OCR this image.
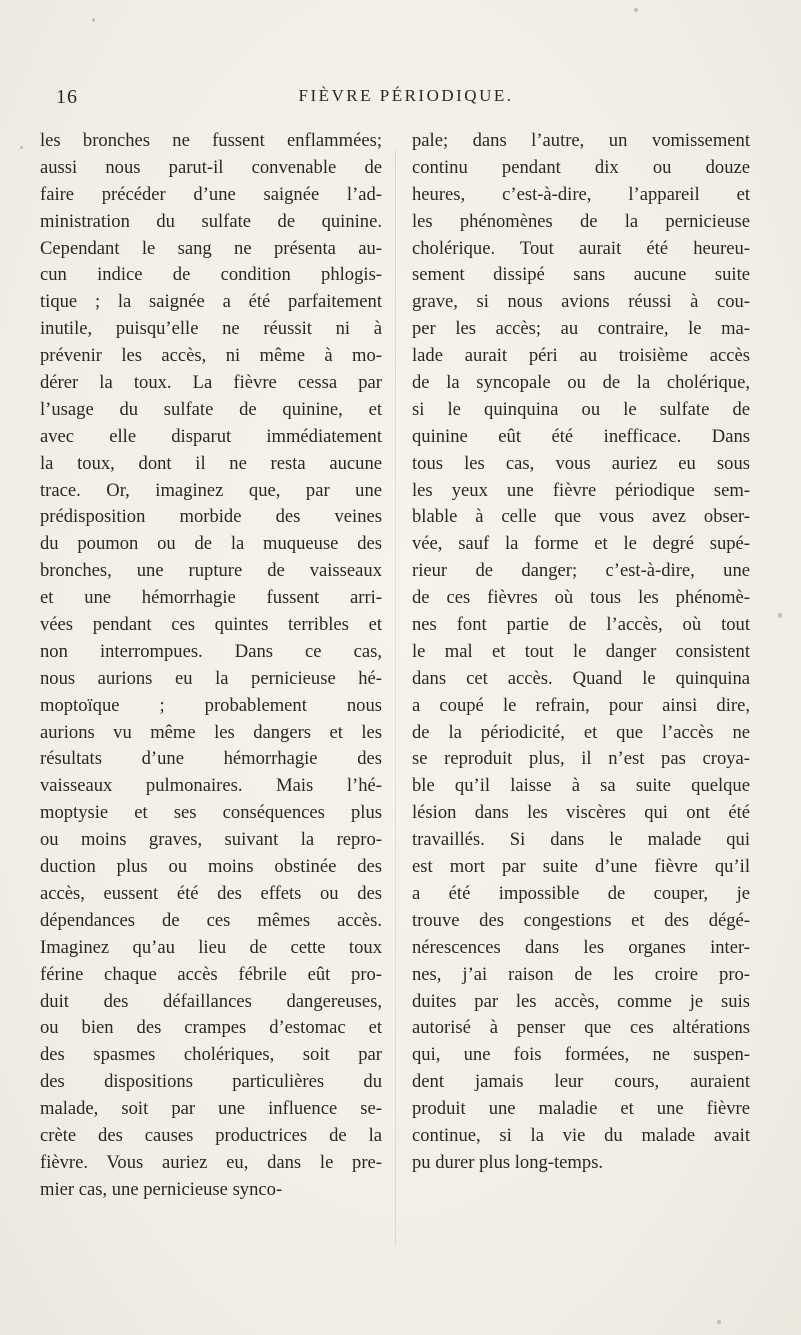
16	FIÈVRE PÉRIODIQUE.
les bronches ne fussent enflammées;
aussi nous parut-il convenable de
faire précéder d’une saignée l’ad-
ministration du sulfate de quinine.
Cependant le sang ne présenta au-
cun indice de condition phlogis-
tique ; la saignée a été parfaitement
inutile, puisqu’elle ne réussit ni à
prévenir les accès, ni même à mo-
dérer la toux. La fièvre cessa par
l’usage du sulfate de quinine, et
avec elle disparut immédiatement
la toux, dont il ne resta aucune
trace. Or, imaginez que, par une
prédisposition morbide des veines
du poumon ou de la muqueuse des
bronches, une rupture de vaisseaux
et une hémorrhagie fussent arri-
vées pendant ces quintes terribles et
non interrompues. Dans ce cas,
nous aurions eu la pernicieuse hé-
moptoïque ; probablement nous
aurions vu même les dangers et les
résultats d’une hémorrhagie des
vaisseaux pulmonaires. Mais l’hé-
moptysie et ses conséquences plus
ou moins graves, suivant la repro-
duction plus ou moins obstinée des
accès, eussent été des effets ou des
dépendances de ces mêmes accès.
Imaginez qu’au lieu de cette toux
férine chaque accès fébrile eût pro-
duit des défaillances dangereuses,
ou bien des crampes d’estomac et
des spasmes cholériques, soit par
des dispositions particulières du
malade, soit par une influence se-
crète des causes productrices de la
fièvre. Vous auriez eu, dans le pre-
mier cas, une pernicieuse synco-
pale; dans l’autre, un vomissement
continu pendant dix ou douze
heures, c’est-à-dire, l’appareil et
les phénomènes de la pernicieuse
cholérique. Tout aurait été heureu-
sement dissipé sans aucune suite
grave, si nous avions réussi à cou-
per les accès; au contraire, le ma-
lade aurait péri au troisième accès
de la syncopale ou de la cholérique,
si le quinquina ou le sulfate de
quinine eût été inefficace. Dans
tous les cas, vous auriez eu sous
les yeux une fièvre périodique sem-
blable à celle que vous avez obser-
vée, sauf la forme et le degré supé-
rieur de danger; c’est-à-dire, une
de ces fièvres où tous les phénomè-
nes font partie de l’accès, où tout
le mal et tout le danger consistent
dans cet accès. Quand le quinquina
a coupé le refrain, pour ainsi dire,
de la périodicité, et que l’accès ne
se reproduit plus, il n’est pas croya-
ble qu’il laisse à sa suite quelque
lésion dans les viscères qui ont été
travaillés. Si dans le malade qui
est mort par suite d’une fièvre qu’il
a été impossible de couper, je
trouve des congestions et des dégé-
nérescences dans les organes inter-
nes, j’ai raison de les croire pro-
duites par les accès, comme je suis
autorisé à penser que ces altérations
qui, une fois formées, ne suspen-
dent jamais leur cours, auraient
produit une maladie et une fièvre
continue, si la vie du malade avait
pu durer plus long-temps.
